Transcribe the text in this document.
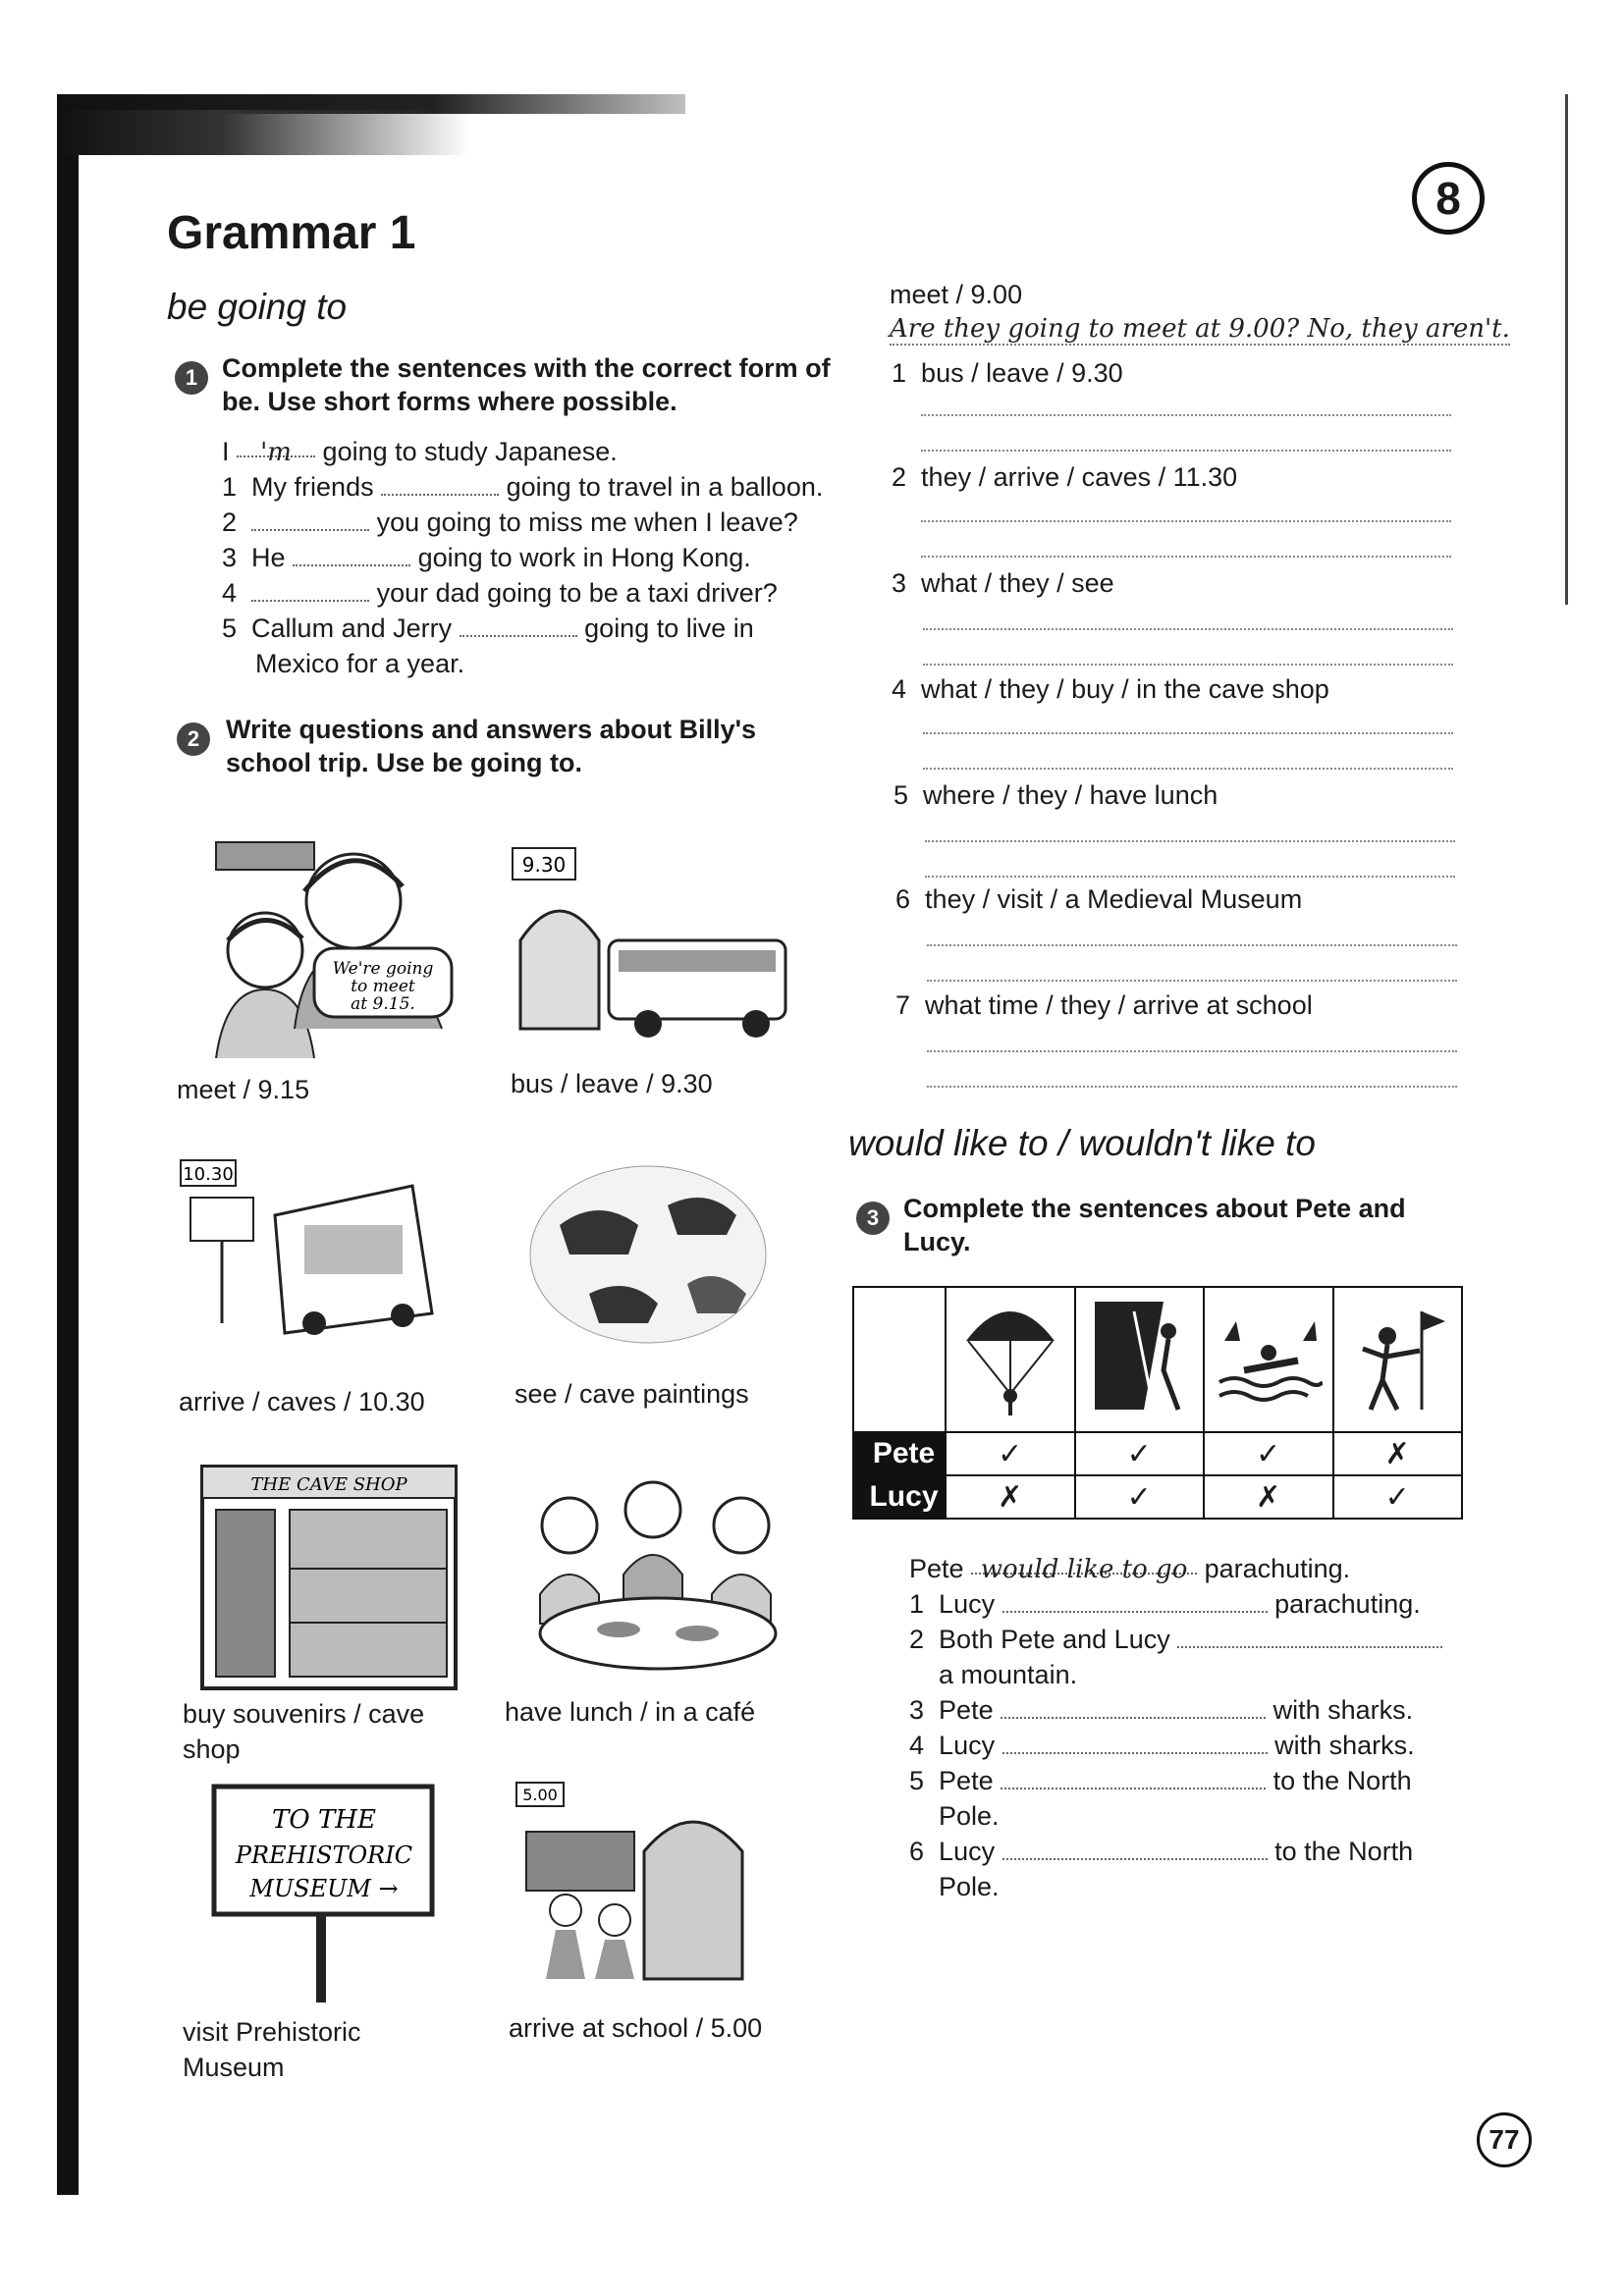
Grammar 1
8
be going to
1 Complete the sentences with the correct form of be. Use short forms where possible.
I 'm going to study Japanese.
1 My friends	going to travel in a balloon.
2	you going to miss me when I leave?
3 He	going to work in Hong Kong.
4	your dad going to be a taxi driver?
5 Callum and Jerry	going to live in
Mexico for a year.
2 Write questions and answers about Billy's school trip. Use be going to.
We're going
to meet
at 9.15.
meet / 9.15
9.30
bus / leave / 9.30
10.30
arrive / caves / 10.30	see / cave paintings
THE CAVE SHOP
buy souvenirs / cave shop
have lunch / in a café
TO THE
PREHISTORIC
MUSEUM →
visit Prehistoric Museum
5.00
arrive at school / 5.00
meet / 9.00
Are they going to meet at 9.00? No, they aren't.
1 bus / leave / 9.30
2 they / arrive / caves / 11.30
3 what / they / see
4 what / they / buy / in the cave shop
5 where / they / have lunch
6 they / visit / a Medieval Museum
7 what time / they / arrive at school
would like to / wouldn't like to
3 Complete the sentences about Pete and Lucy.

Pete	✓	✓	✓	✗
Lucy	✗	✓	✗	✓
Pete would like to go parachuting.
1 Lucy	parachuting.
2 Both Pete and Lucy
a mountain.
3 Pete	with sharks.
4 Lucy	with sharks.
5 Pete	to the North
Pole.
6 Lucy	to the North
Pole.
77
